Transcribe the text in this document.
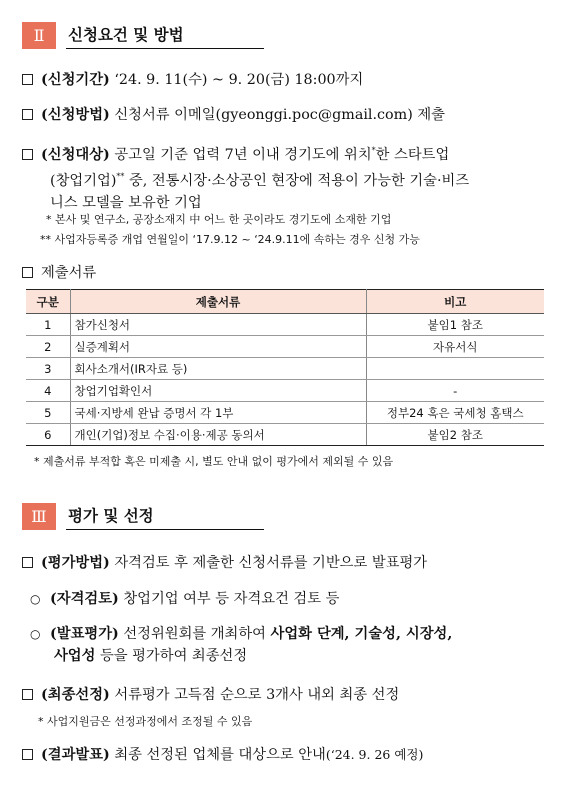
Ⅱ	신청요건 및 방법
(신청기간) ‘24. 9. 11(수) ~ 9. 20(금) 18:00까지
(신청방법) 신청서류 이메일(gyeonggi.poc@gmail.com) 제출
(신청대상) 공고일 기준 업력 7년 이내 경기도에 위치*한 스타트업
(창업기업)** 중, 전통시장·소상공인 현장에 적용이 가능한 기술·비즈
니스 모델을 보유한 기업
* 본사 및 연구소, 공장소재지 中 어느 한 곳이라도 경기도에 소재한 기업
** 사업자등록증 개업 연월일이 ‘17.9.12 ~ ‘24.9.11에 속하는 경우 신청 가능
제출서류
구분	제출서류	비고
1	참가신청서	붙임1 참조
2	실증계획서	자유서식
3	회사소개서(IR자료 등)	
4	창업기업확인서	-
5	국세·지방세 완납 증명서 각 1부	정부24 혹은 국세청 홈택스
6	개인(기업)정보 수집·이용·제공 동의서	붙임2 참조
* 제출서류 부적합 혹은 미제출 시, 별도 안내 없이 평가에서 제외될 수 있음
Ⅲ	평가 및 선정
(평가방법) 자격검토 후 제출한 신청서류를 기반으로 발표평가
○ (자격검토) 창업기업 여부 등 자격요건 검토 등
○ (발표평가) 선정위원회를 개최하여 사업화 단계, 기술성, 시장성,
사업성 등을 평가하여 최종선정
(최종선정) 서류평가 고득점 순으로 3개사 내외 최종 선정
* 사업지원금은 선정과정에서 조정될 수 있음
(결과발표) 최종 선정된 업체를 대상으로 안내(‘24. 9. 26 예정)
